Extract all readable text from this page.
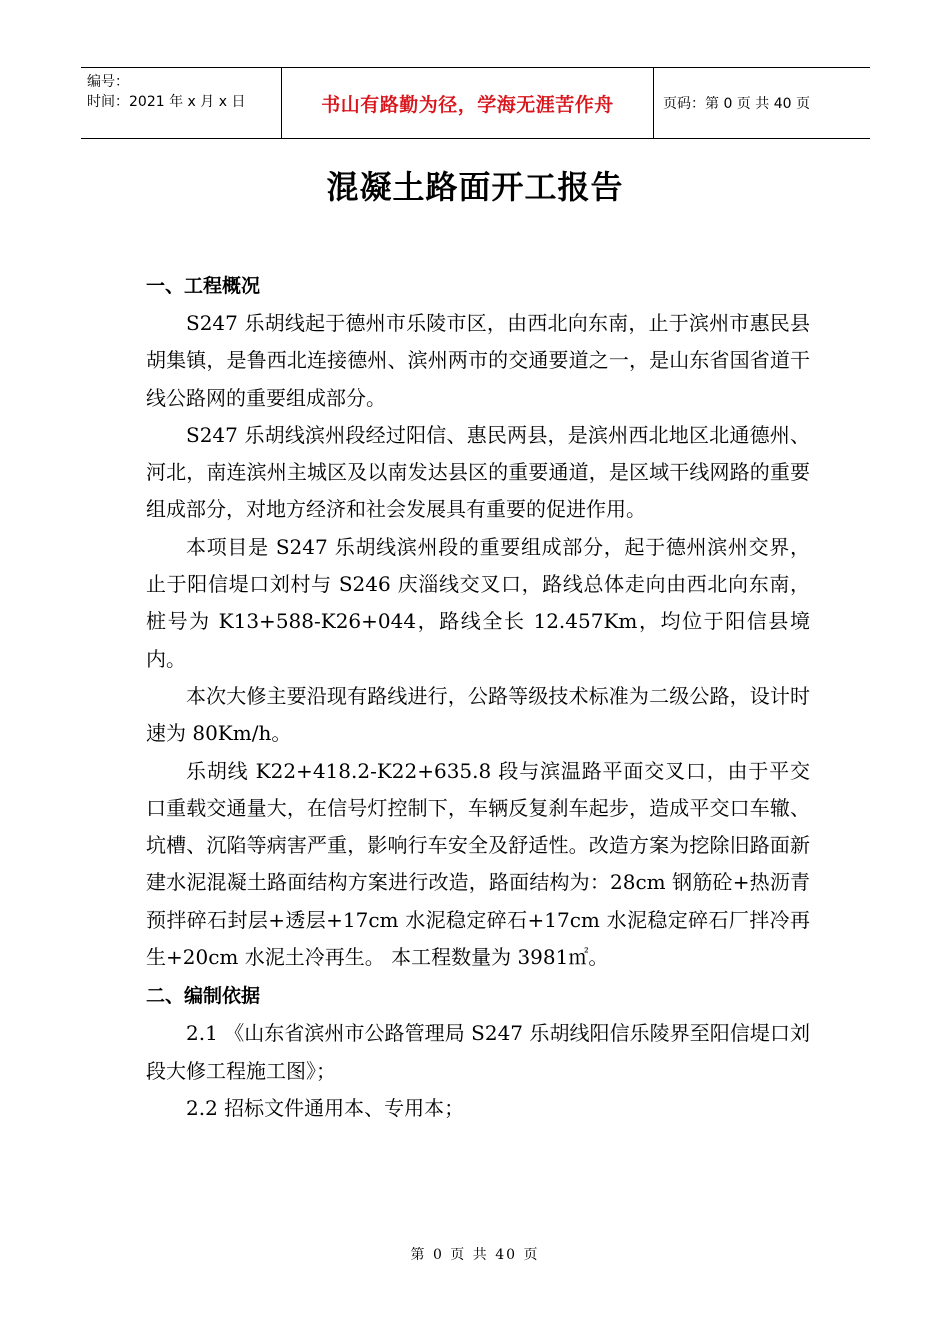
编号：
时间：2021 年 x 月 x 日	书山有路勤为径，学海无涯苦作舟	页码：第 0 页 共 40 页
混凝土路面开工报告

一、工程概况

S247 乐胡线起于德州市乐陵市区，由西北向东南，止于滨州市惠民县胡集镇，是鲁西北连接德州、滨州两市的交通要道之一，是山东省国省道干线公路网的重要组成部分。

S247 乐胡线滨州段经过阳信、惠民两县，是滨州西北地区北通德州、河北，南连滨州主城区及以南发达县区的重要通道，是区域干线网路的重要组成部分，对地方经济和社会发展具有重要的促进作用。

本项目是 S247 乐胡线滨州段的重要组成部分，起于德州滨州交界，止于阳信堤口刘村与 S246 庆淄线交叉口，路线总体走向由西北向东南，桩号为 K13+588-K26+044，路线全长 12.457Km，均位于阳信县境内。

本次大修主要沿现有路线进行，公路等级技术标准为二级公路，设计时速为 80Km/h。

乐胡线 K22+418.2-K22+635.8 段与滨温路平面交叉口，由于平交口重载交通量大，在信号灯控制下，车辆反复刹车起步，造成平交口车辙、坑槽、沉陷等病害严重，影响行车安全及舒适性。改造方案为挖除旧路面新建水泥混凝土路面结构方案进行改造，路面结构为：28cm 钢筋砼+热沥青预拌碎石封层+透层+17cm 水泥稳定碎石+17cm 水泥稳定碎石厂拌冷再生+20cm 水泥土冷再生。 本工程数量为 3981㎡。

二、编制依据

2.1 《山东省滨州市公路管理局 S247 乐胡线阳信乐陵界至阳信堤口刘段大修工程施工图》；

2.2 招标文件通用本、专用本；

第 0 页 共 40 页
